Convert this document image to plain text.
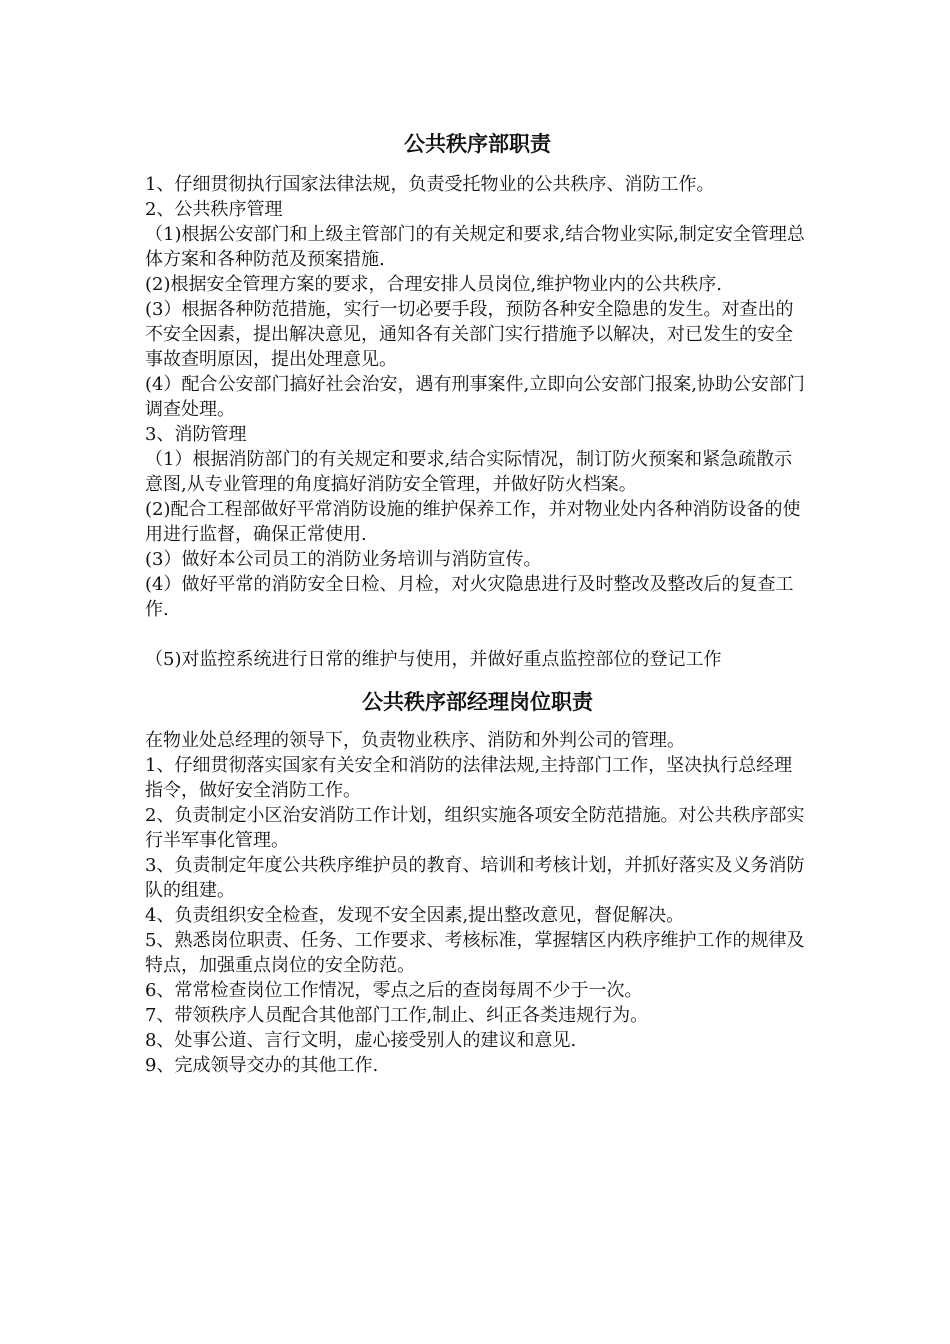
公共秩序部职责

1、仔细贯彻执行国家法律法规，负责受托物业的公共秩序、消防工作。

2、公共秩序管理

（1)根据公安部门和上级主管部门的有关规定和要求,结合物业实际,制定安全管理总体方案和各种防范及预案措施.

(2)根据安全管理方案的要求，合理安排人员岗位,维护物业内的公共秩序.

(3）根据各种防范措施，实行一切必要手段，预防各种安全隐患的发生。对查出的不安全因素，提出解决意见，通知各有关部门实行措施予以解决，对已发生的安全事故查明原因，提出处理意见。

(4）配合公安部门搞好社会治安，遇有刑事案件,立即向公安部门报案,协助公安部门调查处理。

3、消防管理

（1）根据消防部门的有关规定和要求,结合实际情况，制订防火预案和紧急疏散示意图,从专业管理的角度搞好消防安全管理，并做好防火档案。

(2)配合工程部做好平常消防设施的维护保养工作，并对物业处内各种消防设备的使用进行监督，确保正常使用.

(3）做好本公司员工的消防业务培训与消防宣传。

(4）做好平常的消防安全日检、月检，对火灾隐患进行及时整改及整改后的复查工作.

（5)对监控系统进行日常的维护与使用，并做好重点监控部位的登记工作

公共秩序部经理岗位职责

在物业处总经理的领导下，负责物业秩序、消防和外判公司的管理。

1、仔细贯彻落实国家有关安全和消防的法律法规,主持部门工作，坚决执行总经理指令，做好安全消防工作。

2、负责制定小区治安消防工作计划，组织实施各项安全防范措施。对公共秩序部实行半军事化管理。

3、负责制定年度公共秩序维护员的教育、培训和考核计划，并抓好落实及义务消防队的组建。

4、负责组织安全检查，发现不安全因素,提出整改意见，督促解决。

5、熟悉岗位职责、任务、工作要求、考核标准，掌握辖区内秩序维护工作的规律及特点，加强重点岗位的安全防范。

6、常常检查岗位工作情况，零点之后的查岗每周不少于一次。

7、带领秩序人员配合其他部门工作,制止、纠正各类违规行为。

8、处事公道、言行文明，虚心接受别人的建议和意见.

9、完成领导交办的其他工作.
